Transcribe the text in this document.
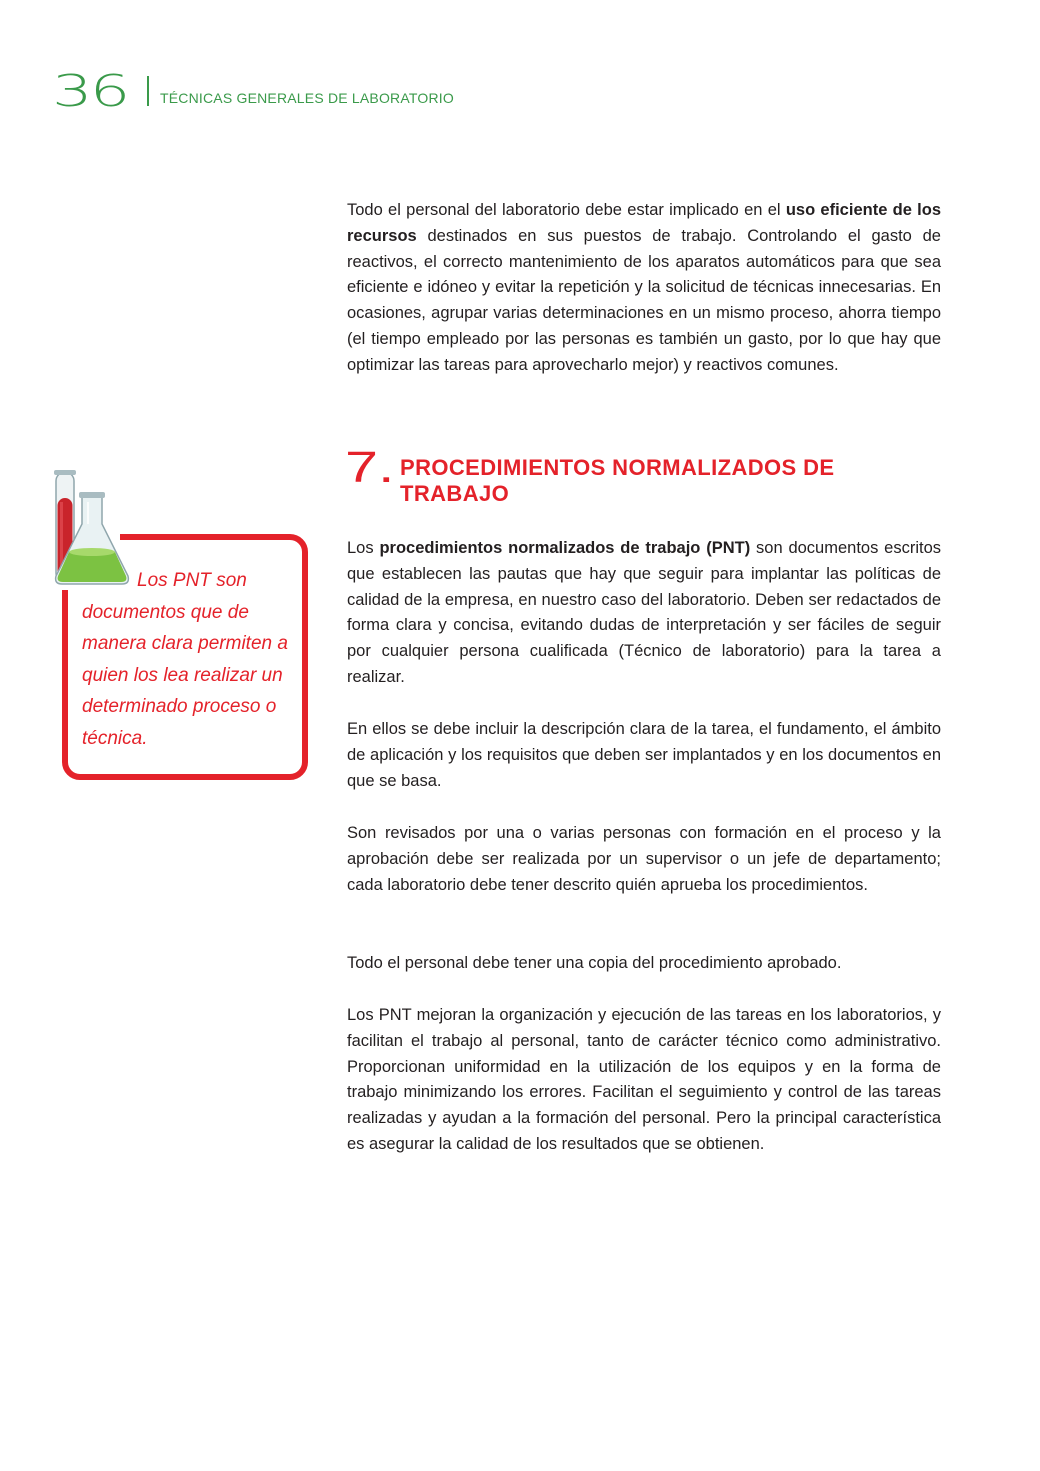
36 TÉCNICAS GENERALES DE LABORATORIO
Todo el personal del laboratorio debe estar implicado en el uso eficiente de los recursos destinados en sus puestos de trabajo. Controlando el gasto de reactivos, el correcto mantenimiento de los aparatos automáticos para que sea eficiente e idóneo y evitar la repetición y la solicitud de técnicas innecesarias. En ocasiones, agrupar varias determinaciones en un mismo proceso, ahorra tiempo (el tiempo empleado por las personas es también un gasto, por lo que hay que optimizar las tareas para aprovecharlo mejor) y reactivos comunes.
7. PROCEDIMIENTOS NORMALIZADOS DE TRABAJO
Los PNT son documentos que de manera clara permiten a quien los lea realizar un determinado proceso o técnica.
Los procedimientos normalizados de trabajo (PNT) son documentos escritos que establecen las pautas que hay que seguir para implantar las políticas de calidad de la empresa, en nuestro caso del laboratorio. Deben ser redactados de forma clara y concisa, evitando dudas de interpretación y ser fáciles de seguir por cualquier persona cualificada (Técnico de laboratorio) para la tarea a realizar.
En ellos se debe incluir la descripción clara de la tarea, el fundamento, el ámbito de aplicación y los requisitos que deben ser implantados y en los documentos en que se basa.
Son revisados por una o varias personas con formación en el proceso y la aprobación debe ser realizada por un supervisor o un jefe de departamento; cada laboratorio debe tener descrito quién aprueba los procedimientos.
Todo el personal debe tener una copia del procedimiento aprobado.
Los PNT mejoran la organización y ejecución de las tareas en los laboratorios, y facilitan el trabajo al personal, tanto de carácter técnico como administrativo. Proporcionan uniformidad en la utilización de los equipos y en la forma de trabajo minimizando los errores. Facilitan el seguimiento y control de las tareas realizadas y ayudan a la formación del personal. Pero la principal característica es asegurar la calidad de los resultados que se obtienen.
